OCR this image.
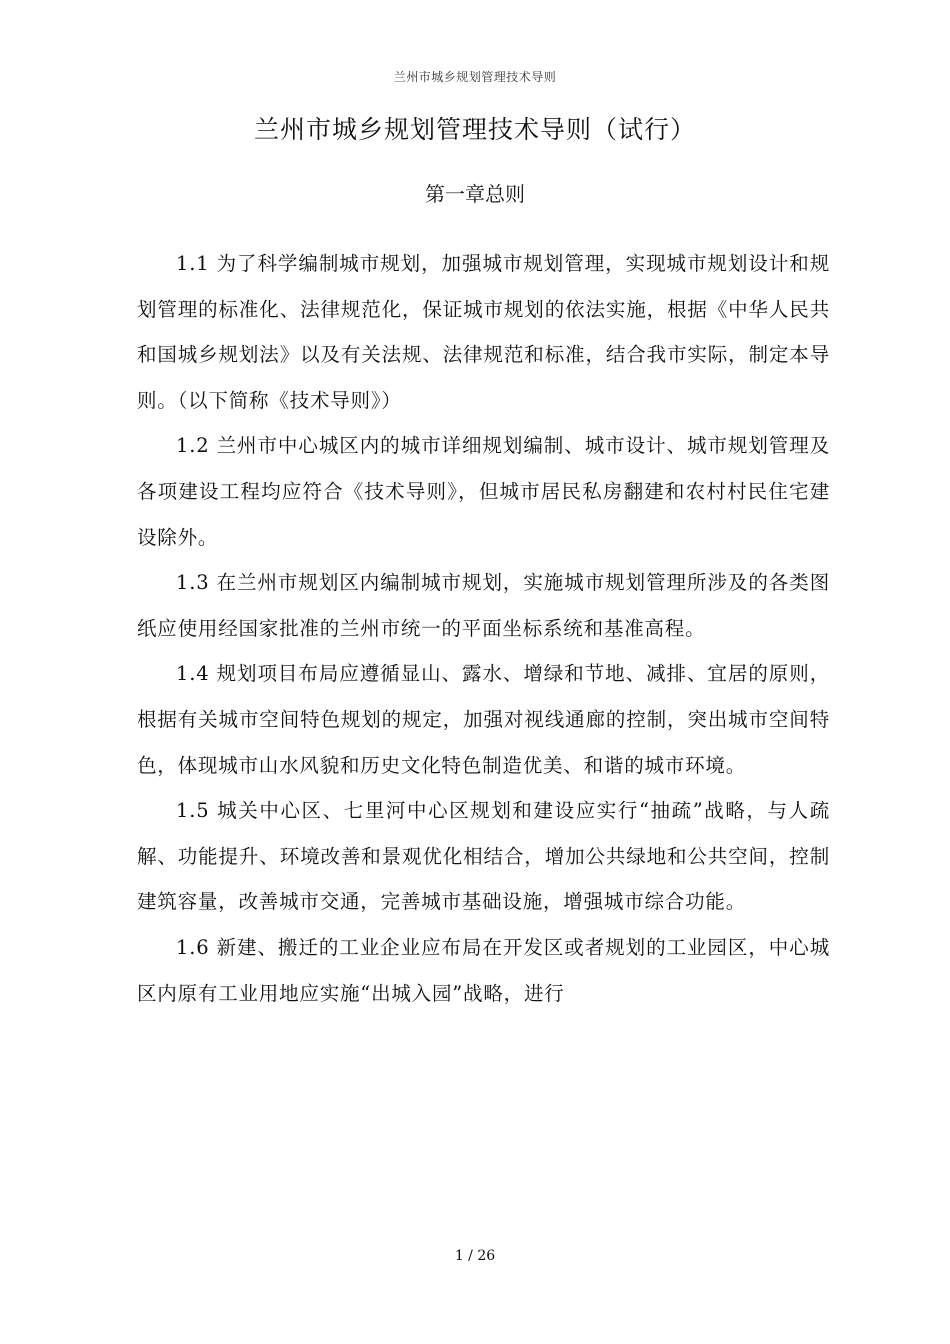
兰州市城乡规划管理技术导则
兰州市城乡规划管理技术导则（试行）
第一章总则

1.1 为了科学编制城市规划，加强城市规划管理，实现城市规划设计和规划管理的标准化、法律规范化，保证城市规划的依法实施，根据《中华人民共和国城乡规划法》以及有关法规、法律规范和标准，结合我市实际，制定本导则。（以下简称《技术导则》）

1.2 兰州市中心城区内的城市详细规划编制、城市设计、城市规划管理及各项建设工程均应符合《技术导则》，但城市居民私房翻建和农村村民住宅建设除外。

1.3 在兰州市规划区内编制城市规划，实施城市规划管理所涉及的各类图纸应使用经国家批准的兰州市统一的平面坐标系统和基准高程。

1.4 规划项目布局应遵循显山、露水、增绿和节地、减排、宜居的原则，根据有关城市空间特色规划的规定，加强对视线通廊的控制，突出城市空间特色，体现城市山水风貌和历史文化特色制造优美、和谐的城市环境。

1.5 城关中心区、七里河中心区规划和建设应实行“抽疏”战略，与人疏解、功能提升、环境改善和景观优化相结合，增加公共绿地和公共空间，控制建筑容量，改善城市交通，完善城市基础设施，增强城市综合功能。

1.6 新建、搬迁的工业企业应布局在开发区或者规划的工业园区，中心城区内原有工业用地应实施“出城入园”战略，进行

1 / 26
